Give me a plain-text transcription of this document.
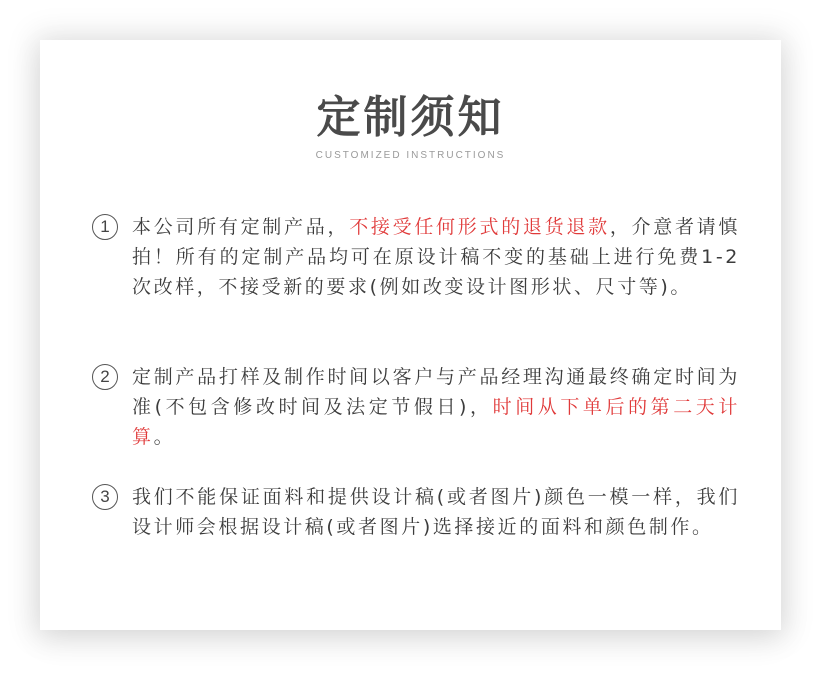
定制须知
CUSTOMIZED INSTRUCTIONS
1	本公司所有定制产品，不接受任何形式的退货退款，介意者请慎拍！所有的定制产品均可在原设计稿不变的基础上进行免费1-2次改样，不接受新的要求(例如改变设计图形状、尺寸等)。
2	定制产品打样及制作时间以客户与产品经理沟通最终确定时间为准(不包含修改时间及法定节假日)，时间从下单后的第二天计算。
3	我们不能保证面料和提供设计稿(或者图片)颜色一模一样，我们设计师会根据设计稿(或者图片)选择接近的面料和颜色制作。
